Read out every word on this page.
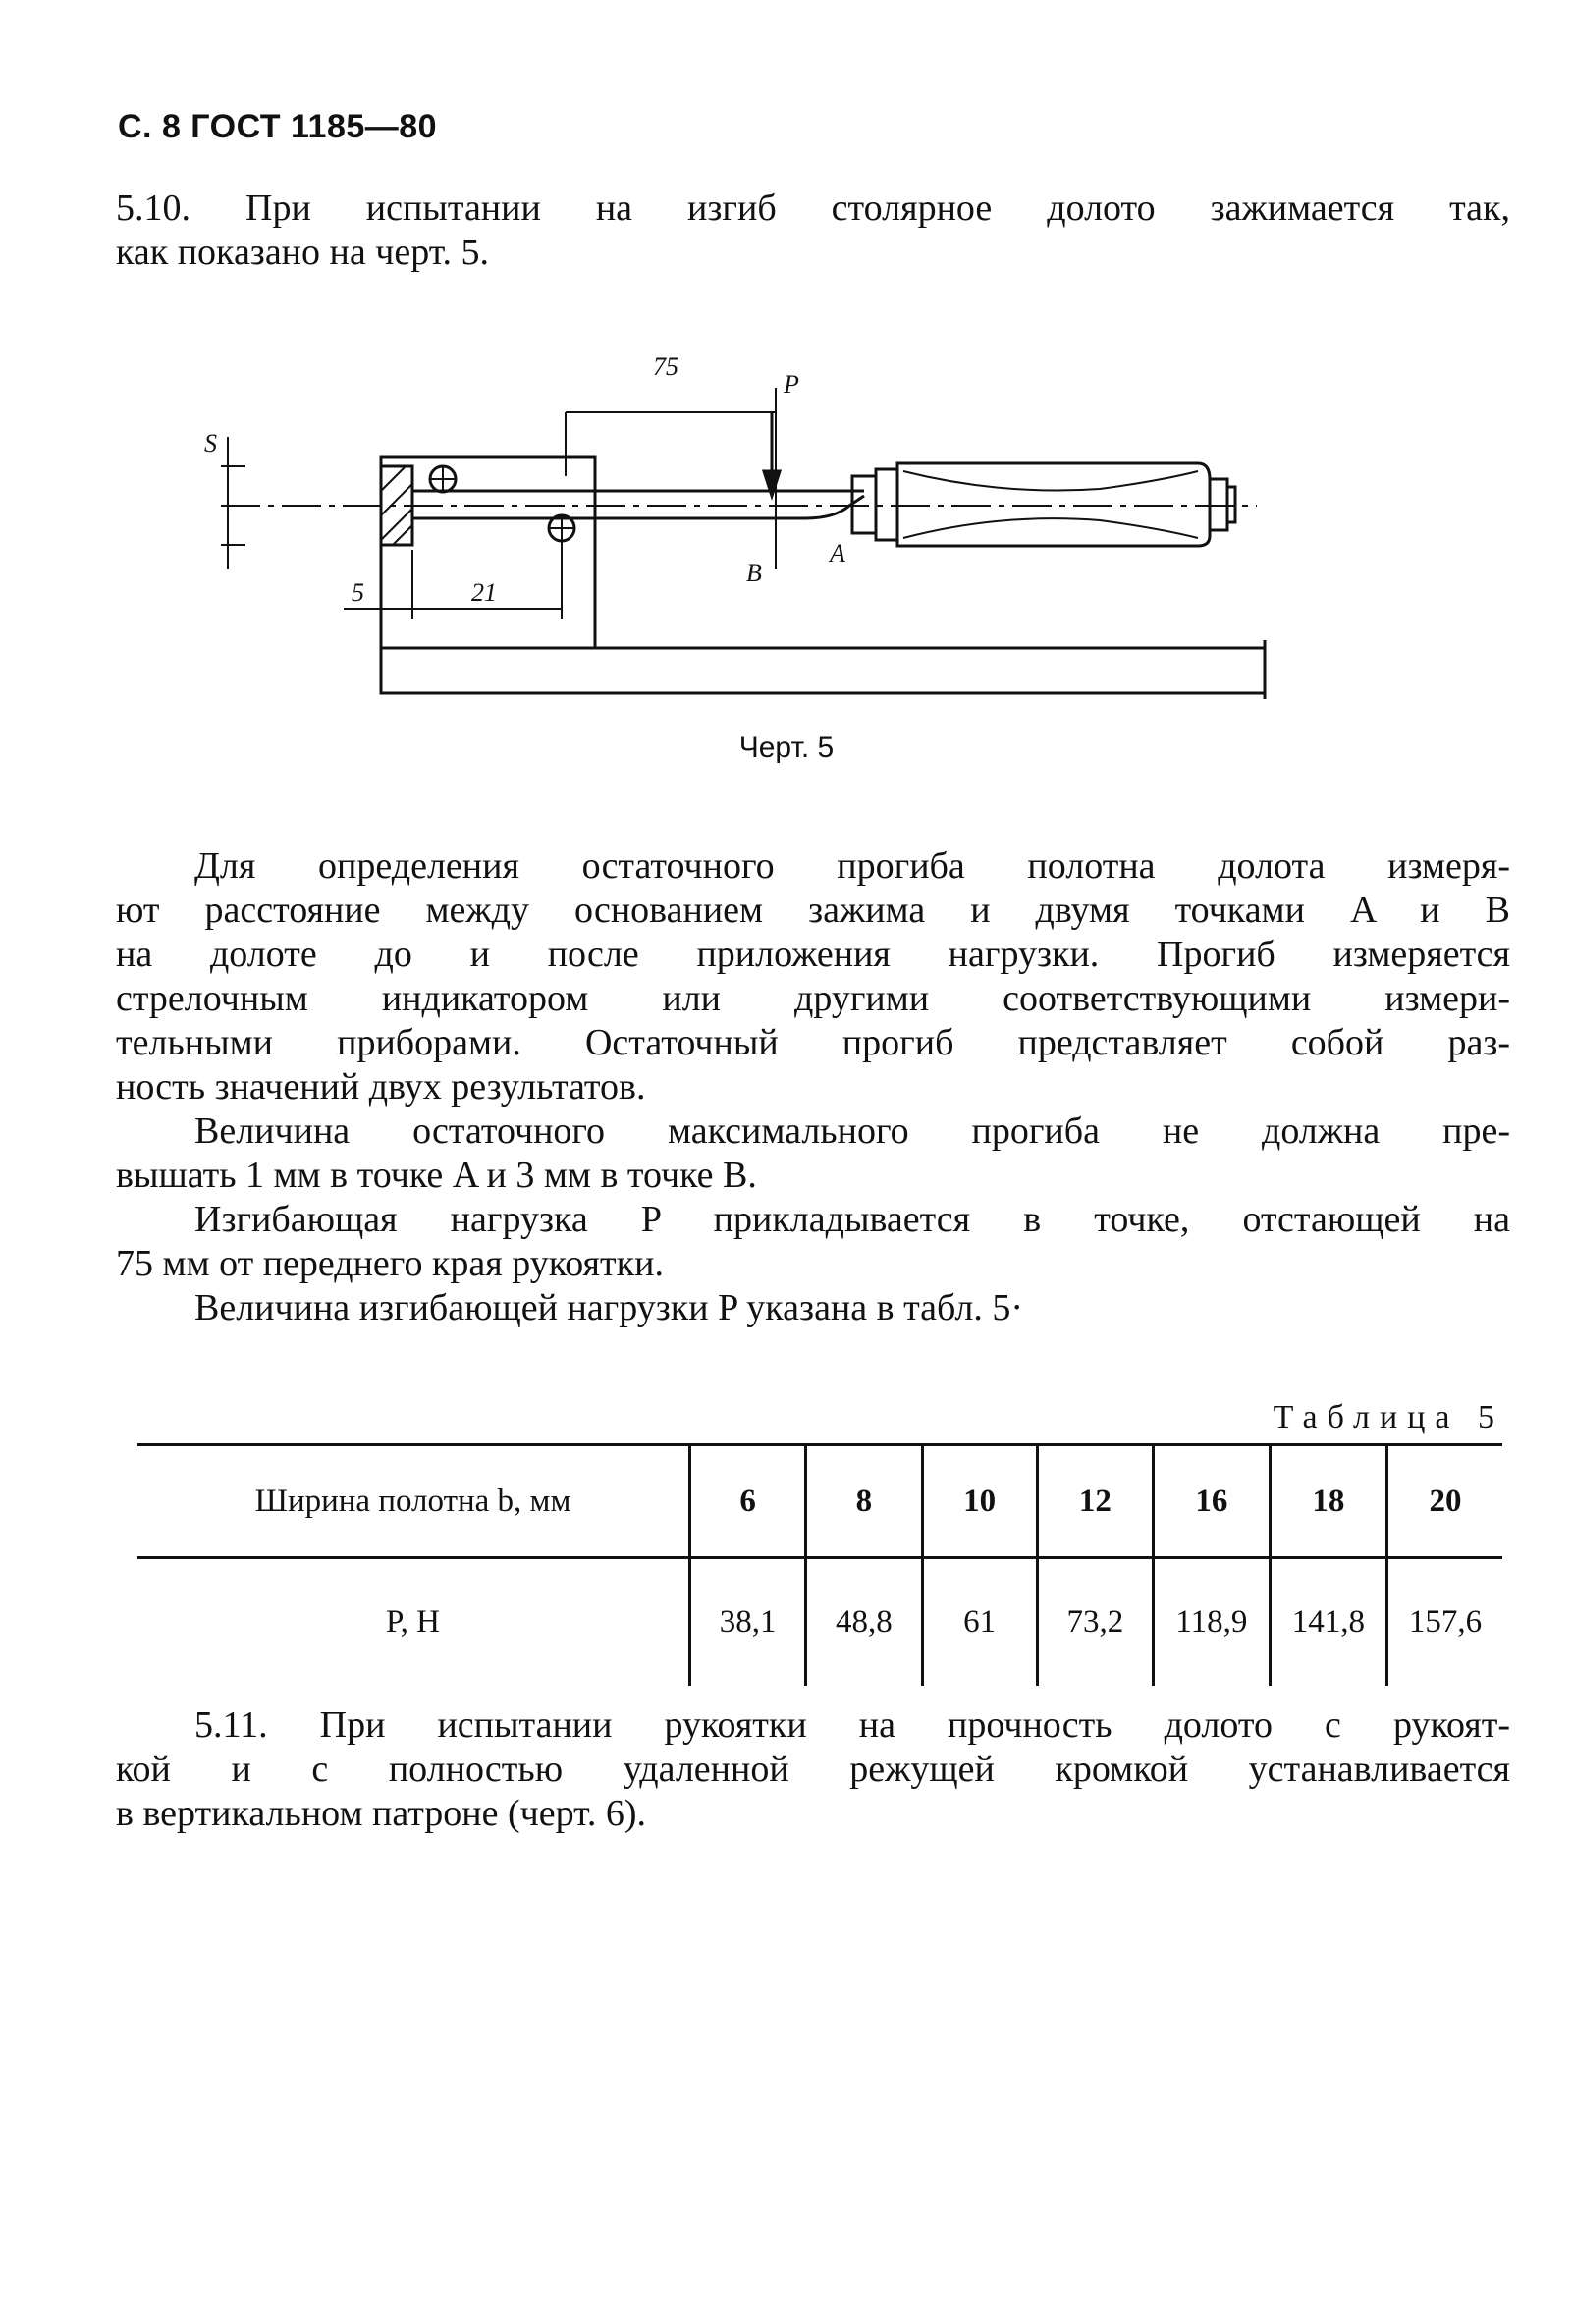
С. 8 ГОСТ 1185—80
5.10. При испытании на изгиб столярное долото зажимается так,
как показано на черт. 5.
75
P
A
B
S
5	21
Черт. 5
Для определения остаточного прогиба полотна долота измеря-
ют расстояние между основанием зажима и двумя точками A и B
на долоте до и после приложения нагрузки. Прогиб измеряется
стрелочным индикатором или другими соответствующими измери-
тельными приборами. Остаточный прогиб представляет собой раз-
ность значений двух результатов.
Величина остаточного максимального прогиба не должна пре-
вышать 1 мм в точке A и 3 мм в точке B.
Изгибающая нагрузка P прикладывается в точке, отстающей на
75 мм от переднего края рукоятки.
Величина изгибающей нагрузки P указана в табл. 5·
Таблица 5
Ширина полотна b, мм	6	8	10	12	16	18	20
P, Н	38,1	48,8	61	73,2	118,9	141,8	157,6
5.11. При испытании рукоятки на прочность долото с рукоят-
кой и с полностью удаленной режущей кромкой устанавливается
в вертикальном патроне (черт. 6).
